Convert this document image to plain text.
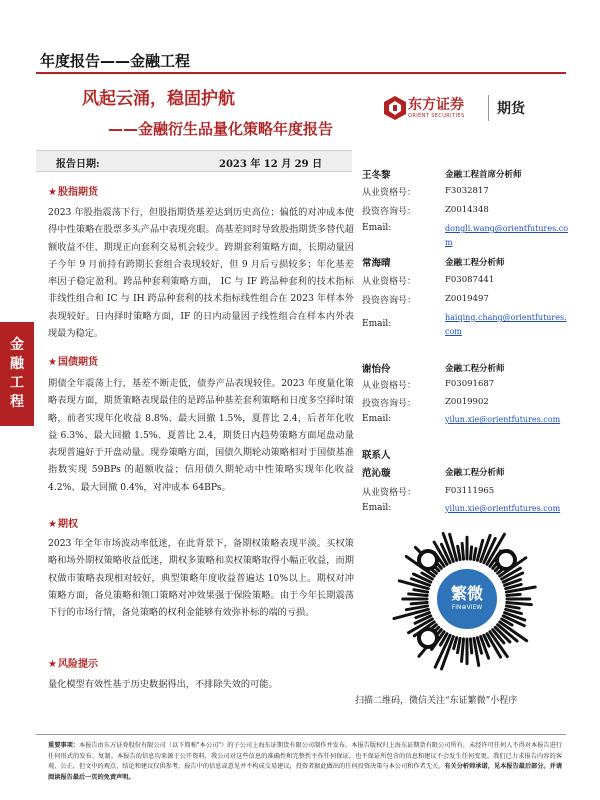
年度报告——金融工程
风起云涌，稳固护航
——金融衍生品量化策略年度报告
东方证券
ORIENT SECURITIES 期货
报告日期:	2023 年 12 月 29 日
金
融
工
程
★股指期货
2023 年股指震荡下行，但股指期货基差达到历史高位；偏低的对冲成本使得中性策略在股票多头产品中表现亮眼。高基差同时导致股指期货多替代超额收益不佳、期现正向套利交易机会较少。跨期套利策略方面，长期动量因子今年 9 月前持有跨期长套组合表现较好，但 9 月后亏损较多；年化基差率因子稳定盈利。跨品种套利策略方面， IC 与 IF 跨品种套利的技术指标非线性组合和 IC 与 IH 跨品种套利的技术指标线性组合在 2023 年样本外表现较好。日内择时策略方面，IF 的日内动量因子线性组合在样本内外表现最为稳定。
★国债期货
期债全年震荡上行，基差不断走低，债券产品表现较佳。2023 年度量化策略表现方面，期货策略表现最佳的是跨品种基差套利策略和日度多空择时策略，前者实现年化收益 8.8%、最大回撤 1.5%，夏普比 2.4，后者年化收益 6.3%、最大回撤 1.5%、夏普比 2.4，期货日内趋势策略方面尾盘动量表现普遍好于开盘动量。现券策略方面，国债久期轮动策略相对于国债基准指数实现 59BPs 的超额收益；信用债久期轮动中性策略实现年化收益 4.2%、最大回撤 0.4%，对冲成本 64BPs。
★期权
2023 年全年市场波动率低迷，在此背景下，备期权策略表现平淡。买权策略和场外期权策略收益低迷，期权多策略和卖权策略取得小幅正收益，而期权做市策略表现相对较好，典型策略年度收益普遍达 10%以上。期权对冲策略方面，备兑策略和领口策略对冲效果强于保险策略。由于今年长期震荡下行的市场行情，备兑策略的权利金能够有效弥补标的端的亏损。
★风险提示
量化模型有效性基于历史数据得出，不排除失效的可能。
王冬黎	金融工程首席分析师
从业资格号：	F3032817
投资咨询号：	Z0014348
Email:	dongli.wang@orientfutures.com
常海晴	金融工程分析师
从业资格号：	F03087441
投资咨询号：	Z0019497
Email:
haiqing.chang@orientfutures.com
谢怡伶	金融工程分析师
从业资格号：	F03091687
投资咨询号：	Z0019902
Email:	yilun.xie@orientfutures.com
联系人
范沁璇	金融工程分析师
从业资格号：	F03111965
Email:	yilun.xie@orientfutures.com
繁微
FIN⊕VIEW
扫描二维码，微信关注“东证繁微”小程序
重要事项：本报告由东方证券股份有限公司（以下简称"本公司"）的子公司上海东证期货有限公司制作并发布。本报告版权归上海东证期货有限公司所有，未经许可任何人不得对本报告进行任何形式的发布、复制。本报告的信息均来源于公开资料，我公司对这些信息的准确性和完整性不作任何保证，也不保证所包含的信息和建议不会发生任何变更。我们已力求报告内容的客观、公正，但文中的观点、结论和建议仅供参考，报告中的信息或意见并不构成交易建议，投资者据此做出的任何投资决策与本公司和作者无关。有关分析师承诺，见本报告最后部分。并请阅读报告最后一页的免责声明。
